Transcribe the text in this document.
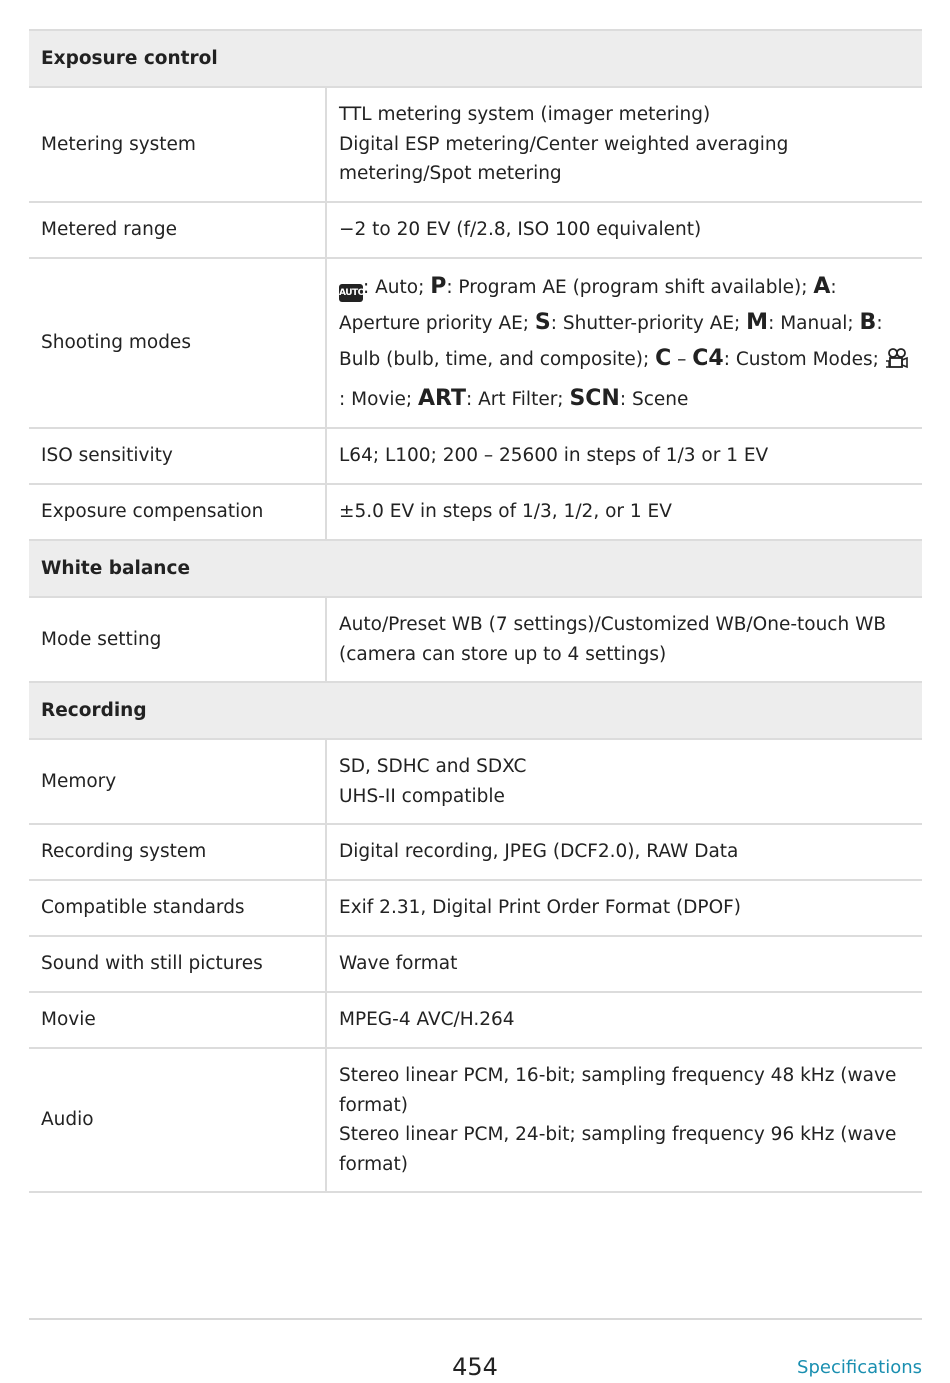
Exposure control	
Metering system	TTL metering system (imager metering)
Digital ESP metering/Center weighted averaging metering/Spot metering

Metered range	−2 to 20 EV (f/2.8, ISO 100 equivalent)
Shooting modes	AUTO: Auto; P: Program AE (program shift available); A: Aperture priority AE; S: Shutter-priority AE; M: Manual; B: Bulb (bulb, time, and composite); C – C4: Custom Modes; : Movie; ART: Art Filter; SCN: Scene
ISO sensitivity	L64; L100; 200 – 25600 in steps of 1/3 or 1 EV
Exposure compensation	±5.0 EV in steps of 1/3, 1/2, or 1 EV
White balance	
Mode setting	Auto/Preset WB (7 settings)/Customized WB/One-touch WB
(camera can store up to 4 settings)

Recording	
Memory	SD, SDHC and SDXC
UHS-II compatible

Recording system	Digital recording, JPEG (DCF2.0), RAW Data
Compatible standards	Exif 2.31, Digital Print Order Format (DPOF)
Sound with still pictures	Wave format
Movie	MPEG-4 AVC/H.264
Audio	Stereo linear PCM, 16-bit; sampling frequency 48 kHz (wave format)
Stereo linear PCM, 24-bit; sampling frequency 96 kHz (wave format)
454	Specifications
